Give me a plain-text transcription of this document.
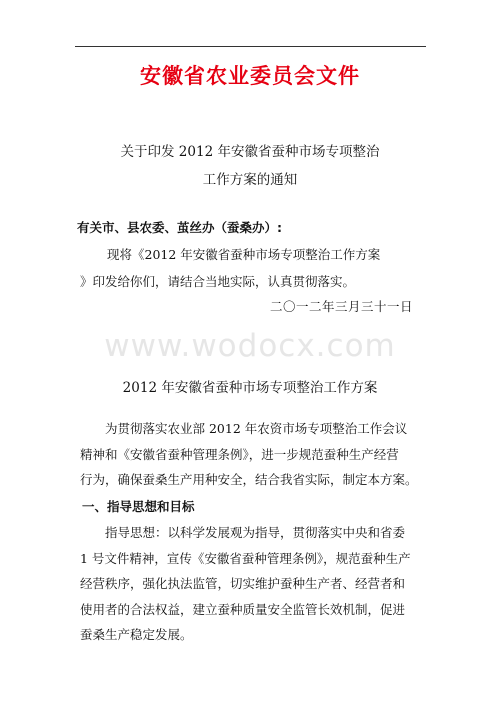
安徽省农业委员会文件
关于印发 2012 年安徽省蚕种市场专项整治
工作方案的通知
有关市、县农委、茧丝办（蚕桑办）:
现将《2012 年安徽省蚕种市场专项整治工作方案
》印发给你们，请结合当地实际，认真贯彻落实。
二〇一二年三月三十一日
www.wodocx.com
2012 年安徽省蚕种市场专项整治工作方案
为贯彻落实农业部 2012 年农资市场专项整治工作会议
精神和《安徽省蚕种管理条例》，进一步规范蚕种生产经营
行为，确保蚕桑生产用种安全，结合我省实际，制定本方案。
一、指导思想和目标
指导思想：以科学发展观为指导，贯彻落实中央和省委
1 号文件精神，宣传《安徽省蚕种管理条例》，规范蚕种生产
经营秩序，强化执法监管，切实维护蚕种生产者、经营者和
使用者的合法权益，建立蚕种质量安全监管长效机制，促进
蚕桑生产稳定发展。
